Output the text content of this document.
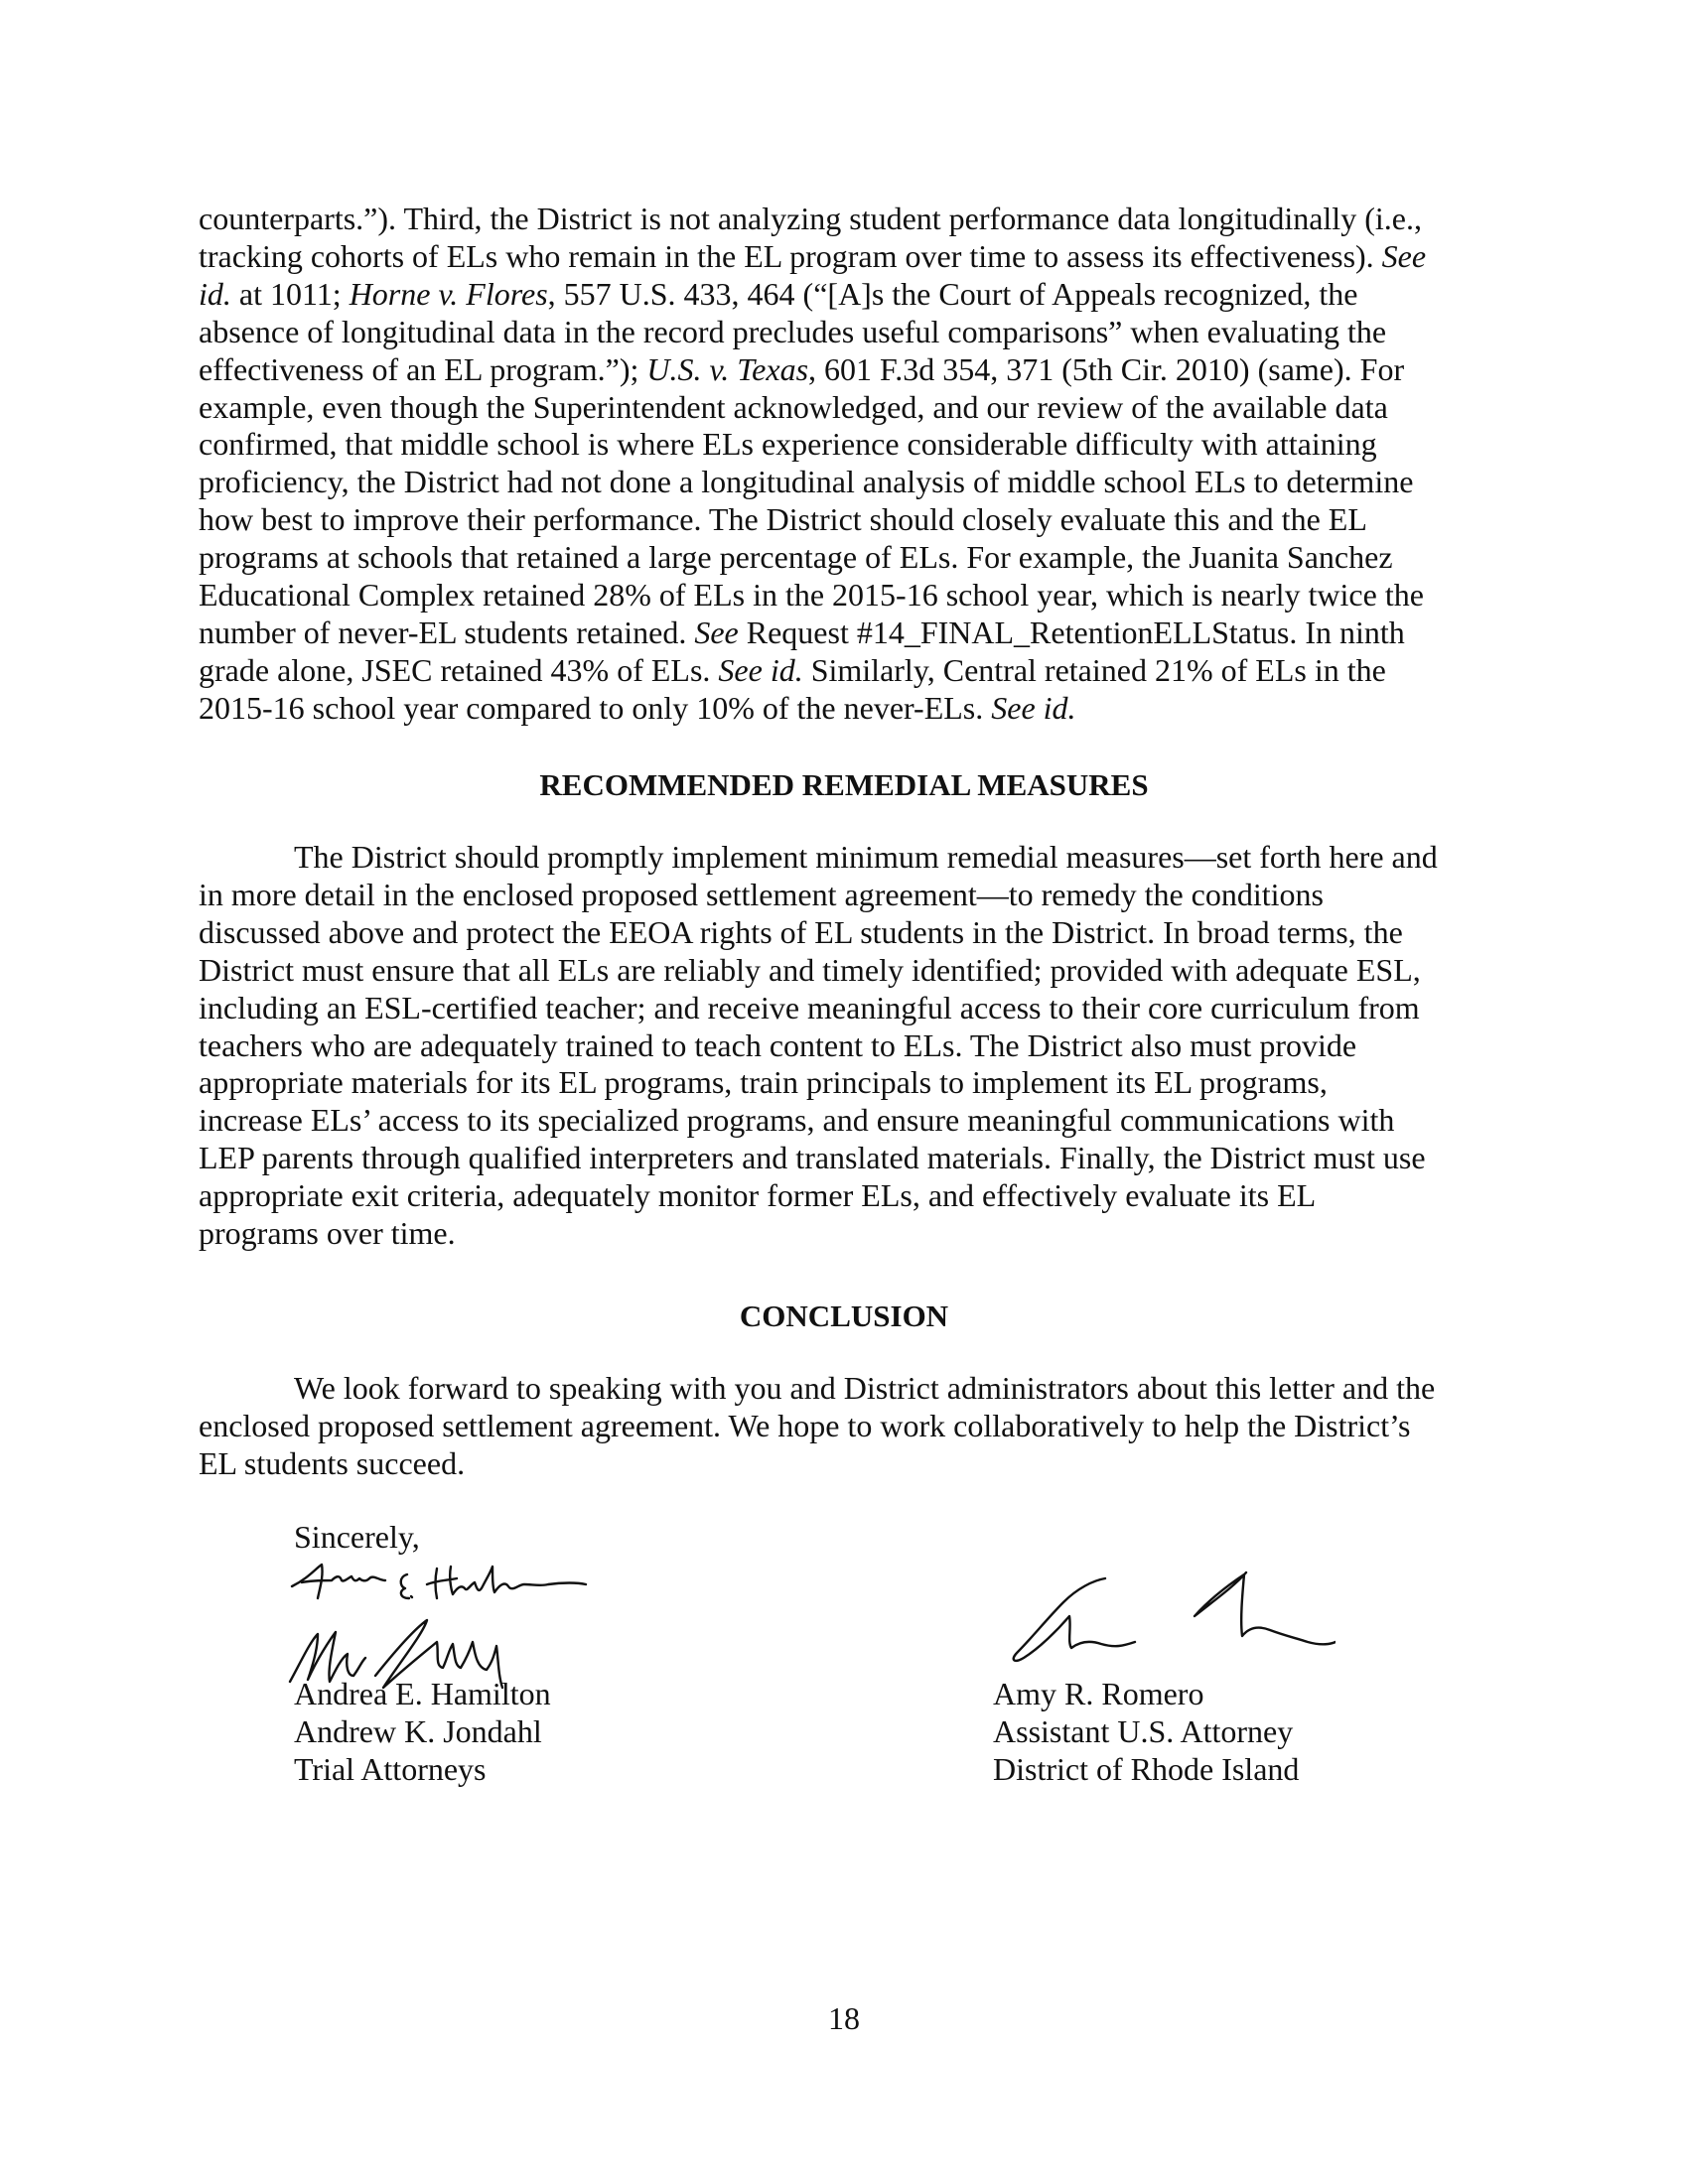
counterparts.”). Third, the District is not analyzing student performance data longitudinally (i.e.,
tracking cohorts of ELs who remain in the EL program over time to assess its effectiveness). See
id. at 1011; Horne v. Flores, 557 U.S. 433, 464 (“[A]s the Court of Appeals recognized, the
absence of longitudinal data in the record precludes useful comparisons” when evaluating the
effectiveness of an EL program.”); U.S. v. Texas, 601 F.3d 354, 371 (5th Cir. 2010) (same). For
example, even though the Superintendent acknowledged, and our review of the available data
confirmed, that middle school is where ELs experience considerable difficulty with attaining
proficiency, the District had not done a longitudinal analysis of middle school ELs to determine
how best to improve their performance. The District should closely evaluate this and the EL
programs at schools that retained a large percentage of ELs. For example, the Juanita Sanchez
Educational Complex retained 28% of ELs in the 2015-16 school year, which is nearly twice the
number of never-EL students retained. See Request #14_FINAL_RetentionELLStatus. In ninth
grade alone, JSEC retained 43% of ELs. See id. Similarly, Central retained 21% of ELs in the
2015-16 school year compared to only 10% of the never-ELs. See id.
RECOMMENDED REMEDIAL MEASURES
The District should promptly implement minimum remedial measures—set forth here and
in more detail in the enclosed proposed settlement agreement—to remedy the conditions
discussed above and protect the EEOA rights of EL students in the District. In broad terms, the
District must ensure that all ELs are reliably and timely identified; provided with adequate ESL,
including an ESL-certified teacher; and receive meaningful access to their core curriculum from
teachers who are adequately trained to teach content to ELs. The District also must provide
appropriate materials for its EL programs, train principals to implement its EL programs,
increase ELs’ access to its specialized programs, and ensure meaningful communications with
LEP parents through qualified interpreters and translated materials. Finally, the District must use
appropriate exit criteria, adequately monitor former ELs, and effectively evaluate its EL
programs over time.
CONCLUSION
We look forward to speaking with you and District administrators about this letter and the
enclosed proposed settlement agreement. We hope to work collaboratively to help the District’s
EL students succeed.
Sincerely,
Andrea E. Hamilton
Andrew K. Jondahl
Trial Attorneys
Amy R. Romero
Assistant U.S. Attorney
District of Rhode Island
18
